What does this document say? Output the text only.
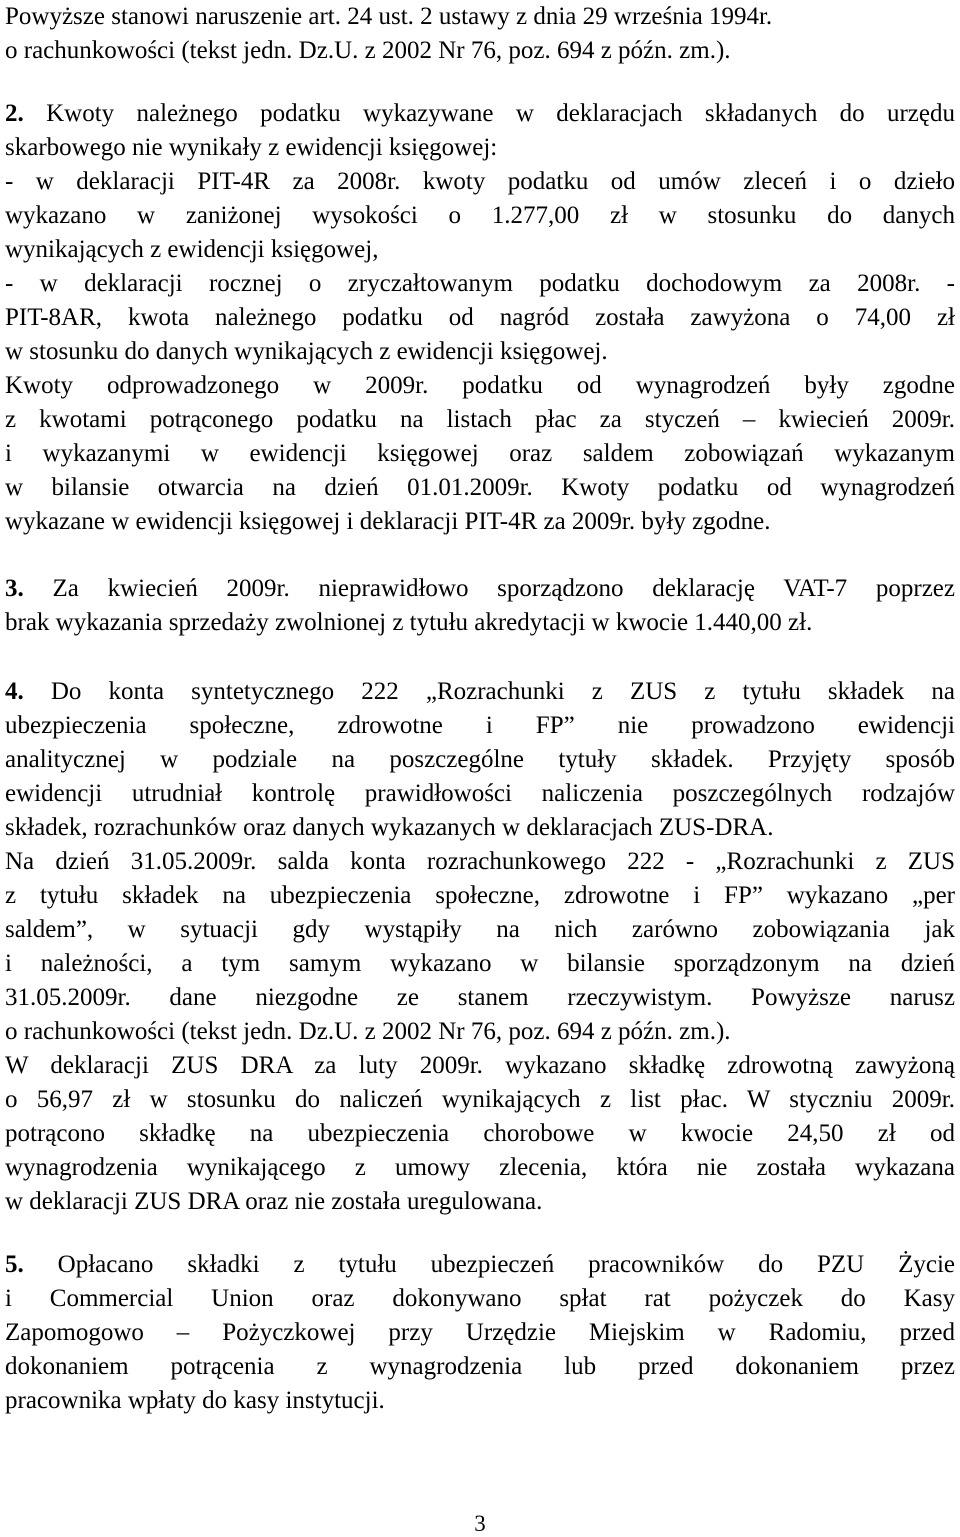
Powyższe stanowi naruszenie art. 24 ust. 2 ustawy z dnia 29 września 1994r.

o rachunkowości (tekst jedn. Dz.U. z 2002 Nr 76, poz. 694 z późn. zm.).

2. Kwoty należnego podatku wykazywane w deklaracjach składanych do urzędu

skarbowego nie wynikały z ewidencji księgowej:

- w deklaracji PIT-4R za 2008r. kwoty podatku od umów zleceń i o dzieło

wykazano w zaniżonej wysokości o 1.277,00 zł w stosunku do danych

wynikających z ewidencji księgowej,

- w deklaracji rocznej o zryczałtowanym podatku dochodowym za 2008r. -

PIT-8AR, kwota należnego podatku od nagród została zawyżona o 74,00 zł

w stosunku do danych wynikających z ewidencji księgowej.

Kwoty odprowadzonego w 2009r. podatku od wynagrodzeń były zgodne

z kwotami potrąconego podatku na listach płac za styczeń – kwiecień 2009r.

i wykazanymi w ewidencji księgowej oraz saldem zobowiązań wykazanym

w bilansie otwarcia na dzień 01.01.2009r. Kwoty podatku od wynagrodzeń

wykazane w ewidencji księgowej i deklaracji PIT-4R za 2009r. były zgodne.

3. Za kwiecień 2009r. nieprawidłowo sporządzono deklarację VAT-7 poprzez

brak wykazania sprzedaży zwolnionej z tytułu akredytacji w kwocie 1.440,00 zł.

4. Do konta syntetycznego 222 „Rozrachunki z ZUS z tytułu składek na

ubezpieczenia społeczne, zdrowotne i FP” nie prowadzono ewidencji

analitycznej w podziale na poszczególne tytuły składek. Przyjęty sposób

ewidencji utrudniał kontrolę prawidłowości naliczenia poszczególnych rodzajów

składek, rozrachunków oraz danych wykazanych w deklaracjach ZUS-DRA.

Na dzień 31.05.2009r. salda konta rozrachunkowego 222 - „Rozrachunki z ZUS

z tytułu składek na ubezpieczenia społeczne, zdrowotne i FP” wykazano „per

saldem”, w sytuacji gdy wystąpiły na nich zarówno zobowiązania jak

i należności, a tym samym wykazano w bilansie sporządzonym na dzień

31.05.2009r. dane niezgodne ze stanem rzeczywistym. Powyższe narusz

o rachunkowości (tekst jedn. Dz.U. z 2002 Nr 76, poz. 694 z późn. zm.).

W deklaracji ZUS DRA za luty 2009r. wykazano składkę zdrowotną zawyżoną

o 56,97 zł w stosunku do naliczeń wynikających z list płac. W styczniu 2009r.

potrącono składkę na ubezpieczenia chorobowe w kwocie 24,50 zł od

wynagrodzenia wynikającego z umowy zlecenia, która nie została wykazana

w deklaracji ZUS DRA oraz nie została uregulowana.

5. Opłacano składki z tytułu ubezpieczeń pracowników do PZU Życie

i Commercial Union oraz dokonywano spłat rat pożyczek do Kasy

Zapomogowo – Pożyczkowej przy Urzędzie Miejskim w Radomiu, przed

dokonaniem potrącenia z wynagrodzenia lub przed dokonaniem przez

pracownika wpłaty do kasy instytucji.

3
